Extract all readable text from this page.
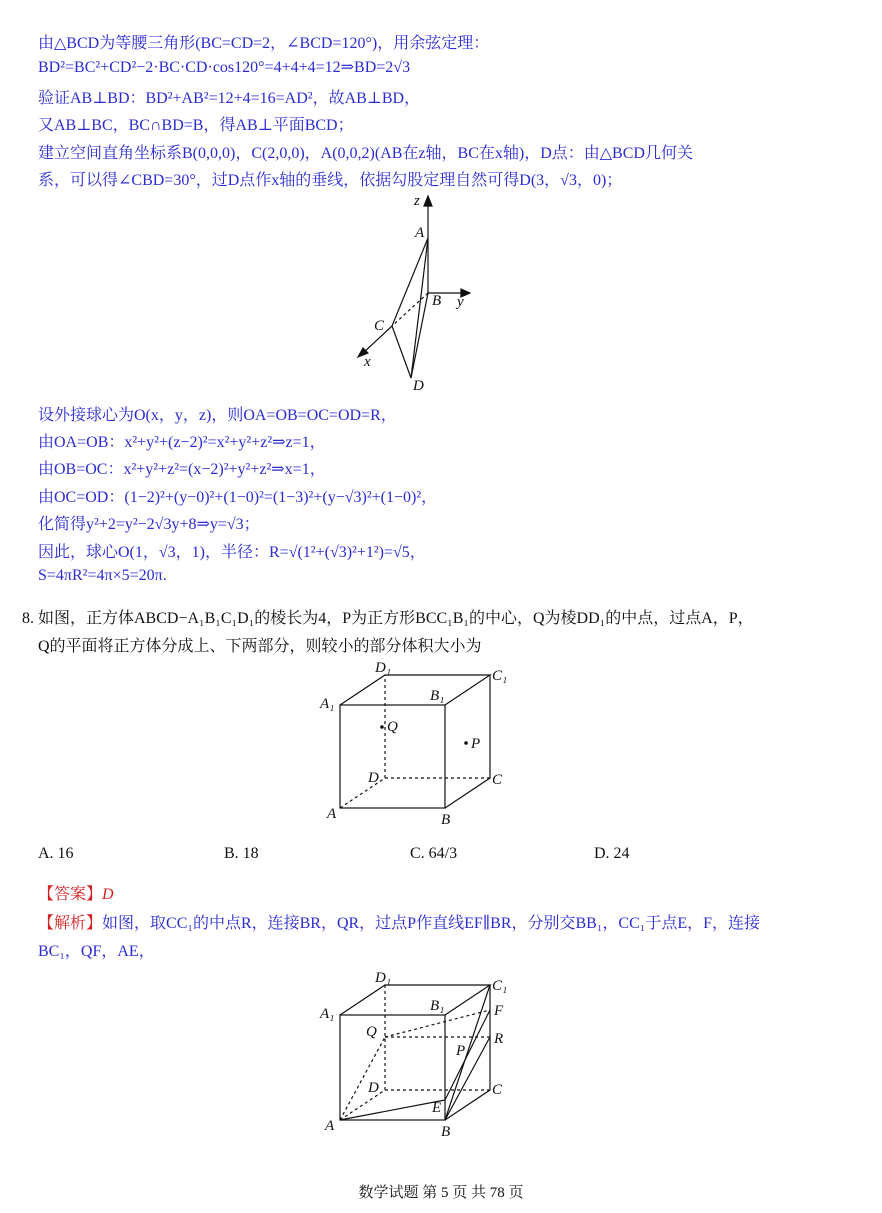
由△BCD为等腰三角形(BC=CD=2，∠BCD=120°)，用余弦定理：
BD²=BC²+CD²−2·BC·CD·cos120°=4+4+4=12⇒BD=2√3
验证AB⊥BD：BD²+AB²=12+4=16=AD²，故AB⊥BD，
又AB⊥BC，BC∩BD=B，得AB⊥平面BCD；
建立空间直角坐标系B(0,0,0)，C(2,0,0)，A(0,0,2)(AB在z轴，BC在x轴)，D点：由△BCD几何关
系，可以得∠CBD=30°，过D点作x轴的垂线，依据勾股定理自然可得D(3，√3，0)；
z
A
B y
C
x
D
D₁	C₁
A₁	B₁
Q
P
D	C
A	B
D₁	C₁
A₁	B₁	F
Q	R
P
D	C
E
A	B
设外接球心为O(x，y，z)，则OA=OB=OC=OD=R，
由OA=OB：x²+y²+(z−2)²=x²+y²+z²⇒z=1，
由OB=OC：x²+y²+z²=(x−2)²+y²+z²⇒x=1，
由OC=OD：(1−2)²+(y−0)²+(1−0)²=(1−3)²+(y−√3)²+(1−0)²，
化简得y²+2=y²−2√3y+8⇒y=√3；
因此，球心O(1，√3，1)，半径：R=√(1²+(√3)²+1²)=√5，
S=4πR²=4π×5=20π.
8. 如图，正方体ABCD−A₁B₁C₁D₁的棱长为4，P为正方形BCC₁B₁的中心，Q为棱DD₁的中点，过点A，P，
Q的平面将正方体分成上、下两部分，则较小的部分体积大小为
A. 16	B. 18	C. 64/3	D. 24
【答案】D
【解析】如图，取CC₁的中点R，连接BR，QR，过点P作直线EF∥BR，分别交BB₁，CC₁于点E，F，连接
BC₁，QF，AE，
数学试题 第 5 页 共 78 页
